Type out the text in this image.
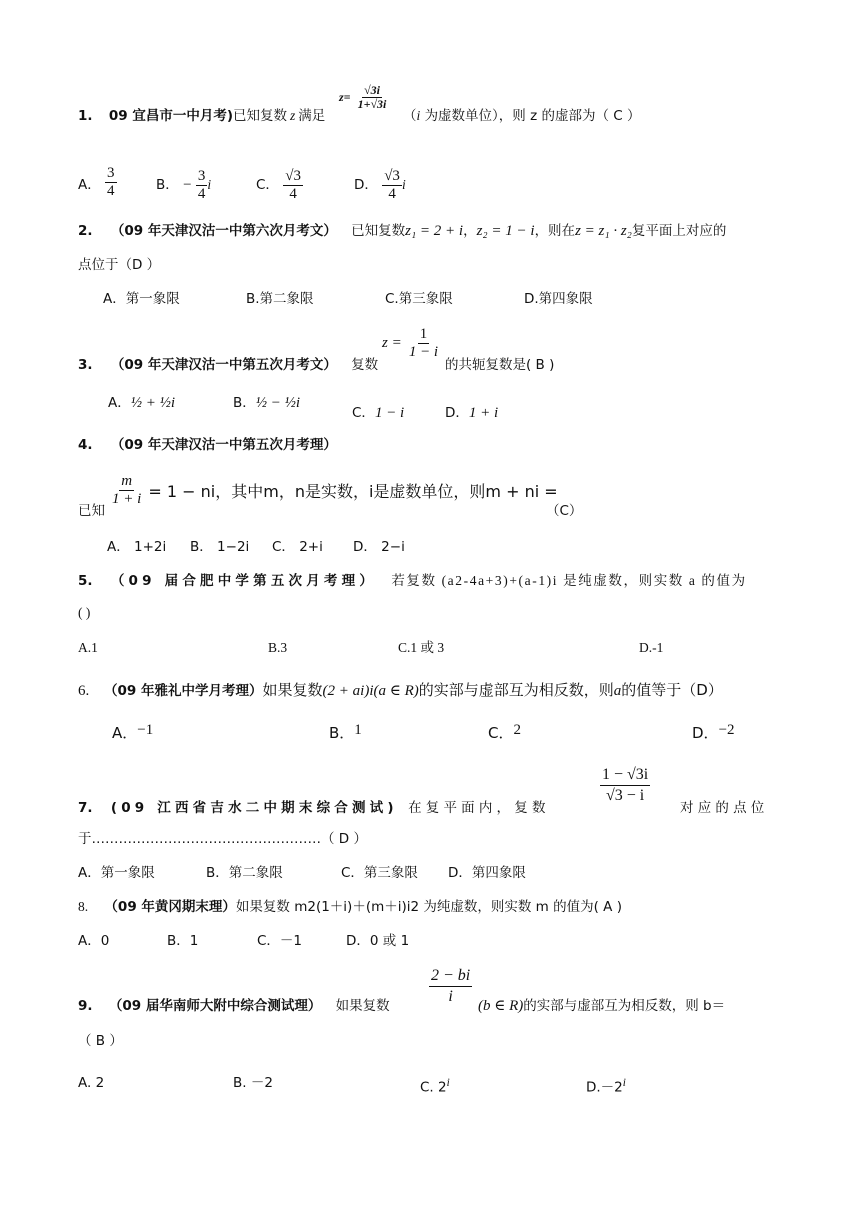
1. 09 宜昌市一中月考)已知复数 z 满足
$z= \frac{√3i}{1+√3i}$
（i 为虚数单位），则 z 的虚部为（ C ）
A． $\frac{3}{4}$	B． − $\frac{3}{4}$ i	C． $\frac{√3}{4}$	D． $\frac{√3}{4}$ i
2. （09 年天津汉沽一中第六次月考文） 已知复数z₁ = 2 + i，z₂ = 1 − i，则在z = z₁ · z₂复平面上对应的
点位于（D ）
A．第一象限	B.第二象限	C.第三象限	D.第四象限
3. （09 年天津汉沽一中第五次月考文） 复数
$z = \frac{1}{1 - i}$
的共轭复数是( B )
A．½ + ½i	B．½ − ½i
C．1 − i	D．1 + i
4. （09 年天津汉沽一中第五次月考理）
已知
$\frac{m}{1 + i} = 1$ − ni，其中m，n是实数，i是虚数单位，则m + ni =
（C）
A． 1+2i B． 1−2i C． 2+i D． 2−i
5. （09 届合肥中学第五次月考理） 若复数 (a2-4a+3)+(a-1)i 是纯虚数，则实数 a 的值为
( )
A.1	B.3	C.1 或 3	D.-1
6. （09 年雅礼中学月考理）如果复数(2 + ai)i(a ∈ R)的实部与虚部互为相反数，则a的值等于（D）
A．−1	B．1	C．2	D．−2
7. (09 江西省吉水二中期末综合测试) 在复平面内，复数
$\frac{1 - √3i}{√3 - i}$
对应的点位
于……………………………………………（ D ）
A．第一象限	B．第二象限	C．第三象限 D．第四象限
8. （09 年黄冈期末理）如果复数 m2(1＋i)＋(m＋i)i2 为纯虚数，则实数 m 的值为( A )
A．0	B．1	C．－1	D．0 或 1
9. （09 届华南师大附中综合测试理） 如果复数 $\frac{2 - bi}{i} (b$ ∈ R)的实部与虚部互为相反数，则 b＝
（ B ）
A. 2	B. －2	C. 2$^i$	$D.-2^i$
